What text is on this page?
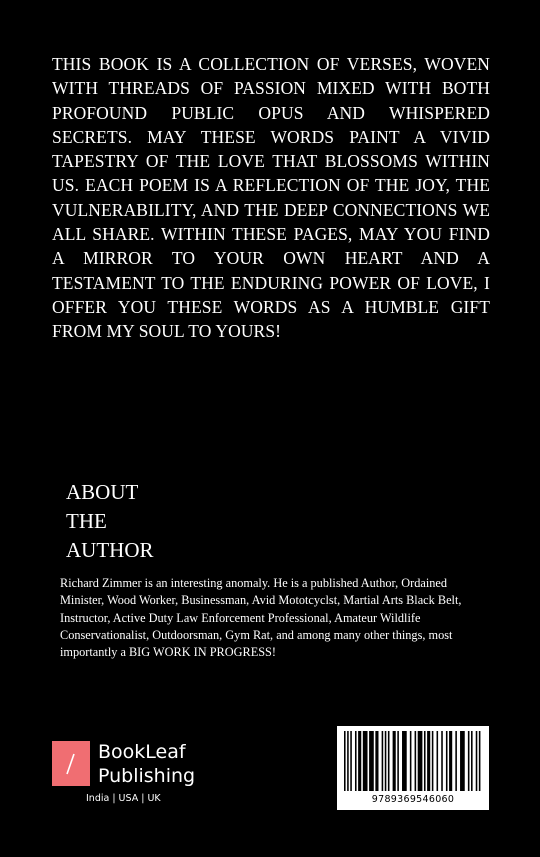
THIS BOOK IS A COLLECTION OF VERSES, WOVEN WITH THREADS OF PASSION MIXED WITH BOTH PROFOUND PUBLIC OPUS AND WHISPERED SECRETS. MAY THESE WORDS PAINT A VIVID TAPESTRY OF THE LOVE THAT BLOSSOMS WITHIN US. EACH POEM IS A REFLECTION OF THE JOY, THE VULNERABILITY, AND THE DEEP CONNECTIONS WE ALL SHARE. WITHIN THESE PAGES, MAY YOU FIND A MIRROR TO YOUR OWN HEART AND A TESTAMENT TO THE ENDURING POWER OF LOVE, I OFFER YOU THESE WORDS AS A HUMBLE GIFT FROM MY SOUL TO YOURS!
ABOUT
THE
AUTHOR
Richard Zimmer is an interesting anomaly. He is a published Author, Ordained Minister, Wood Worker, Businessman, Avid Mototcyclst, Martial Arts Black Belt, Instructor, Active Duty Law Enforcement Professional, Amateur Wildlife Conservationalist, Outdoorsman, Gym Rat, and among many other things, most importantly a BIG WORK IN PROGRESS!
BookLeaf
Publishing
India | USA | UK	9789369546060
